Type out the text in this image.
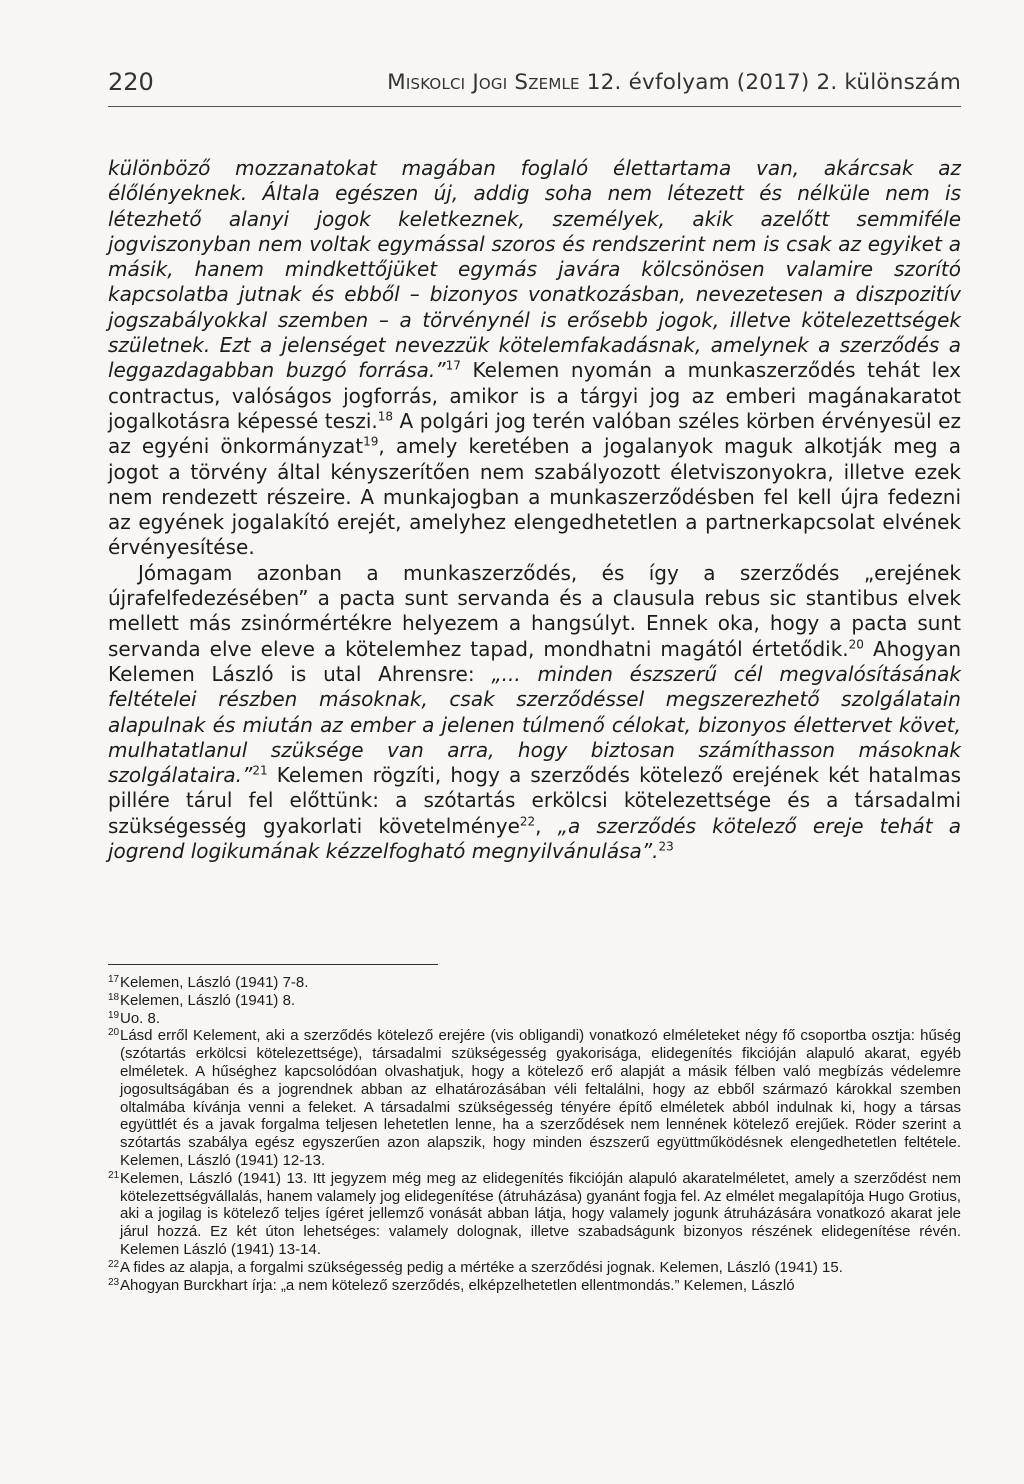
220	Miskolci Jogi Szemle 12. évfolyam (2017) 2. különszám

különböző mozzanatokat magában foglaló élettartama van, akárcsak az élőlényeknek. Általa egészen új, addig soha nem létezett és nélküle nem is létezhető alanyi jogok keletkeznek, személyek, akik azelőtt semmiféle jogviszonyban nem voltak egymással szoros és rendszerint nem is csak az egyiket a másik, hanem mindkettőjüket egymás javára kölcsönösen valamire szorító kapcsolatba jutnak és ebből – bizonyos vonatkozásban, nevezetesen a diszpozitív jogszabályokkal szemben – a törvénynél is erősebb jogok, illetve kötelezettségek születnek. Ezt a jelenséget nevezzük kötelemfakadásnak, amelynek a szerződés a leggazdagabban buzgó forrása.”$^{17}$ Kelemen nyomán a munkaszerződés tehát lex contractus, valóságos jogforrás, amikor is a tárgyi jog az emberi magánakaratot jogalkotásra képessé teszi.$^{18}$ A polgári jog terén valóban széles körben érvényesül ez az egyéni önkormányzat$^{19}$, amely keretében a jogalanyok maguk alkotják meg a jogot a törvény által kényszerítően nem szabályozott életviszonyokra, illetve ezek nem rendezett részeire. A munkajogban a munkaszerződésben fel kell újra fedezni az egyének jogalakító erejét, amelyhez elengedhetetlen a partnerkapcsolat elvének érvényesítése.

Jómagam azonban a munkaszerződés, és így a szerződés „erejének újrafelfedezésében” a pacta sunt servanda és a clausula rebus sic stantibus elvek mellett más zsinórmértékre helyezem a hangsúlyt. Ennek oka, hogy a pacta sunt servanda elve eleve a kötelemhez tapad, mondhatni magától értetődik.$^{20}$ Ahogyan Kelemen László is utal Ahrensre: „... minden észszerű cél megvalósításának feltételei részben másoknak, csak szerződéssel megszerezhető szolgálatain alapulnak és miután az ember a jelenen túlmenő célokat, bizonyos élettervet követ, mulhatatlanul szüksége van arra, hogy biztosan számíthasson másoknak szolgálataira.”$^{21}$ Kelemen rögzíti, hogy a szerződés kötelező erejének két hatalmas pillére tárul fel előttünk: a szótartás erkölcsi kötelezettsége és a társadalmi szükségesség gyakorlati követelménye$^{22}$, „a szerződés kötelező ereje tehát a jogrend logikumának kézzelfogható megnyilvánulása”.$^{23}$

17 Kelemen, László (1941) 7-8.

18 Kelemen, László (1941) 8.

19 Uo. 8.

20 Lásd erről Kelement, aki a szerződés kötelező erejére (vis obligandi) vonatkozó elméleteket négy fő csoportba osztja: hűség (szótartás erkölcsi kötelezettsége), társadalmi szükségesség gyakorisága, elidegenítés fikcióján alapuló akarat, egyéb elméletek. A hűséghez kapcsolódóan olvashatjuk, hogy a kötelező erő alapját a másik félben való megbízás védelemre jogosultságában és a jogrendnek abban az elhatározásában véli feltalálni, hogy az ebből származó károkkal szemben oltalmába kívánja venni a feleket. A társadalmi szükségesség tényére építő elméletek abból indulnak ki, hogy a társas együttlét és a javak forgalma teljesen lehetetlen lenne, ha a szerződések nem lennének kötelező erejűek. Röder szerint a szótartás szabálya egész egyszerűen azon alapszik, hogy minden észszerű együttműködésnek elengedhetetlen feltétele. Kelemen, László (1941) 12-13.

21 Kelemen, László (1941) 13. Itt jegyzem még meg az elidegenítés fikcióján alapuló akaratelméletet, amely a szerződést nem kötelezettségvállalás, hanem valamely jog elidegenítése (átruházása) gyanánt fogja fel. Az elmélet megalapítója Hugo Grotius, aki a jogilag is kötelező teljes ígéret jellemző vonását abban látja, hogy valamely jogunk átruházására vonatkozó akarat jele járul hozzá. Ez két úton lehetséges: valamely dolognak, illetve szabadságunk bizonyos részének elidegenítése révén. Kelemen László (1941) 13-14.

22 A fides az alapja, a forgalmi szükségesség pedig a mértéke a szerződési jognak. Kelemen, László (1941) 15.

23 Ahogyan Burckhart írja: „a nem kötelező szerződés, elképzelhetetlen ellentmondás.” Kelemen, László
